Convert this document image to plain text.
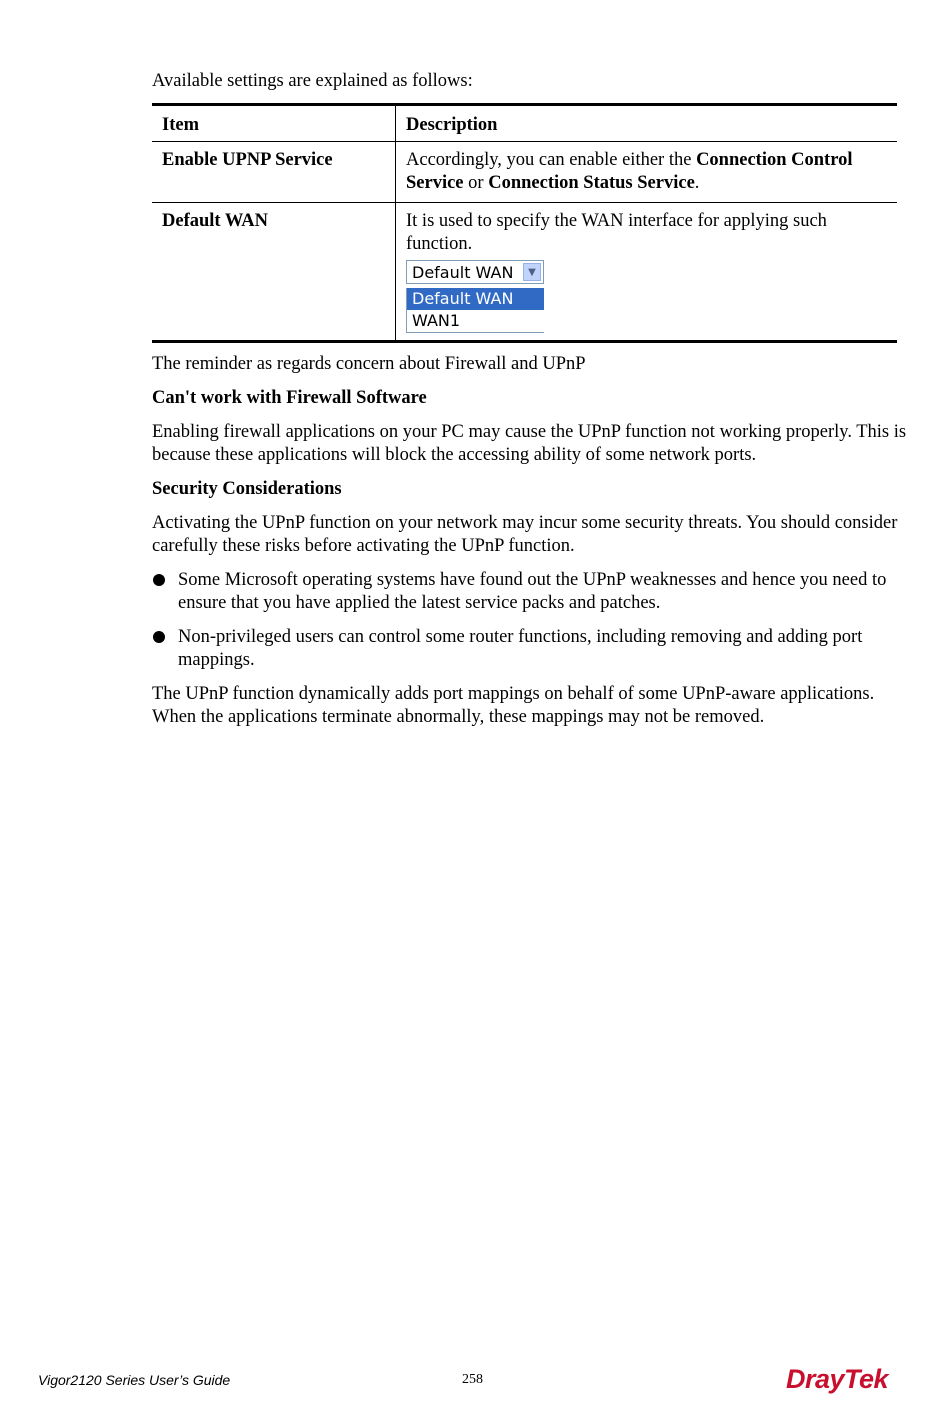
Available settings are explained as follows:

Item	Description
Enable UPNP Service	Accordingly, you can enable either the Connection Control Service or Connection Status Service.
Default WAN	It is used to specify the WAN interface for applying such function.
Default WAN ▼
Default WAN
WAN1

The reminder as regards concern about Firewall and UPnP

Can't work with Firewall Software

Enabling firewall applications on your PC may cause the UPnP function not working properly. This is because these applications will block the accessing ability of some network ports.

Security Considerations

Activating the UPnP function on your network may incur some security threats. You should consider carefully these risks before activating the UPnP function.

Some Microsoft operating systems have found out the UPnP weaknesses and hence you need to ensure that you have applied the latest service packs and patches.
Non-privileged users can control some router functions, including removing and adding port mappings.

The UPnP function dynamically adds port mappings on behalf of some UPnP-aware applications. When the applications terminate abnormally, these mappings may not be removed.

Vigor2120 Series User’s Guide	258	DrayTek
